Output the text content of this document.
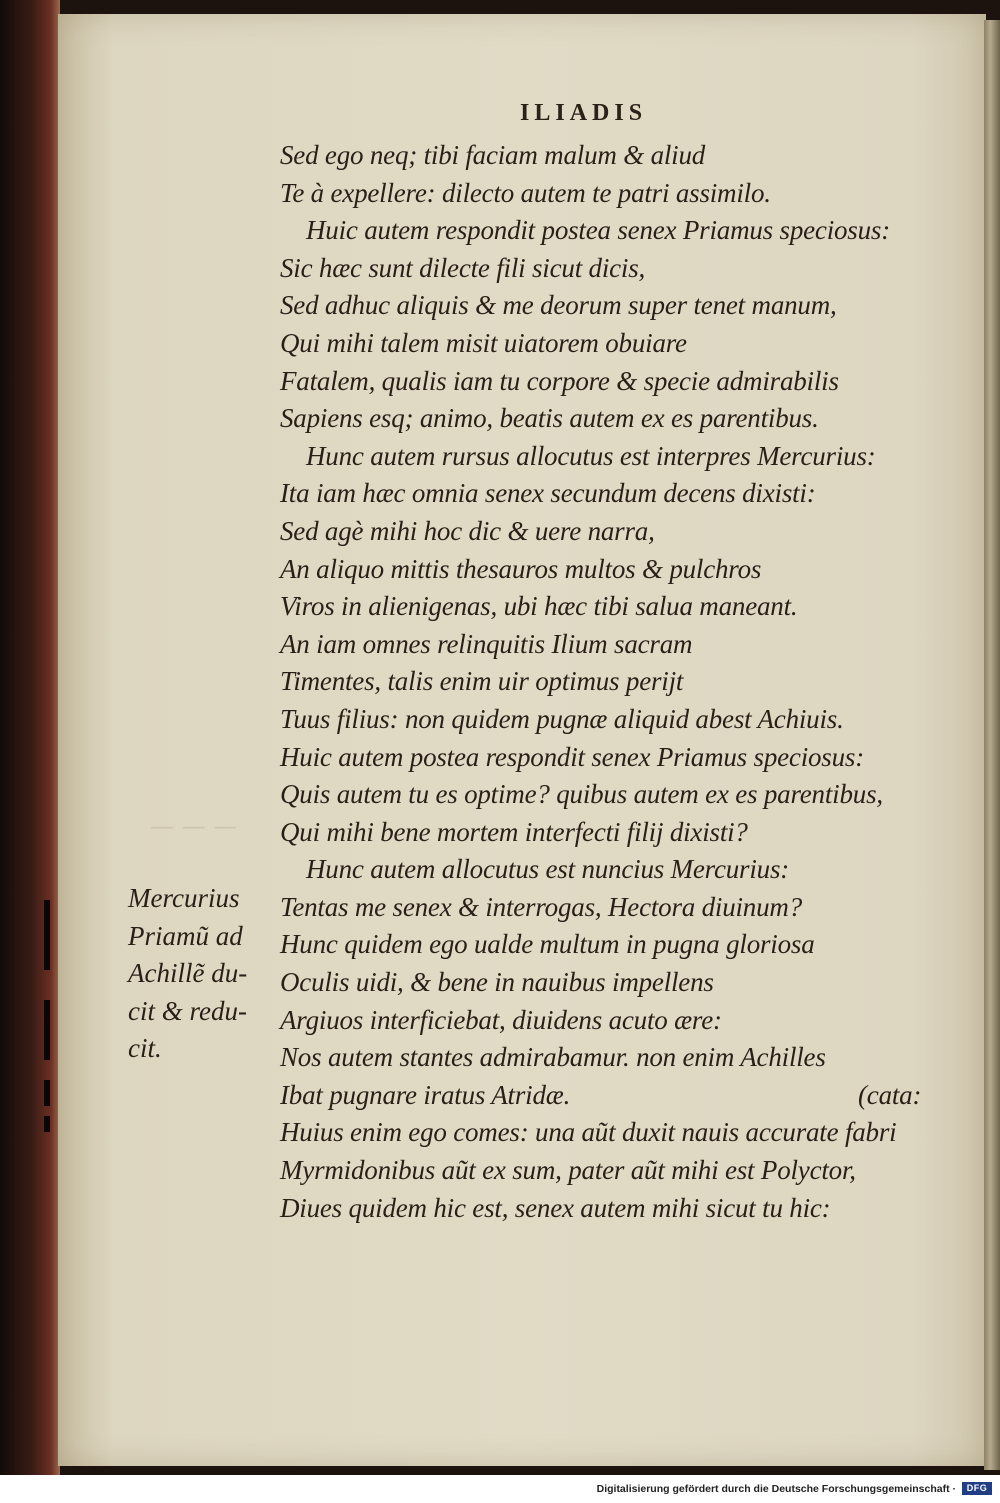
— — —
ILIADIS
Sed ego neq; tibi faciam malum & aliud
Te à expellere: dilecto autem te patri assimilo.
Huic autem respondit postea senex Priamus speciosus:
Sic hæc sunt dilecte fili sicut dicis,
Sed adhuc aliquis & me deorum super tenet manum,
Qui mihi talem misit uiatorem obuiare
Fatalem, qualis iam tu corpore & specie admirabilis
Sapiens esq; animo, beatis autem ex es parentibus.
Hunc autem rursus allocutus est interpres Mercurius:
Ita iam hæc omnia senex secundum decens dixisti:
Sed agè mihi hoc dic & uere narra,
An aliquo mittis thesauros multos & pulchros
Viros in alienigenas, ubi hæc tibi salua maneant.
An iam omnes relinquitis Ilium sacram
Timentes, talis enim uir optimus perijt
Tuus filius: non quidem pugnæ aliquid abest Achiuis.
Huic autem postea respondit senex Priamus speciosus:
Quis autem tu es optime? quibus autem ex es parentibus,
Qui mihi bene mortem interfecti filij dixisti?
Hunc autem allocutus est nuncius Mercurius:
Tentas me senex & interrogas, Hectora diuinum?
Hunc quidem ego ualde multum in pugna gloriosa
Oculis uidi, & bene in nauibus impellens
Argiuos interficiebat, diuidens acuto ære:
Nos autem stantes admirabamur. non enim Achilles
Ibat pugnare iratus Atridæ.	(cata:
Huius enim ego comes: una aũt duxit nauis accurate fabri
Myrmidonibus aũt ex sum, pater aũt mihi est Polyctor,
Diues quidem hic est, senex autem mihi sicut tu hic:
Mercurius
Priamũ ad
Achillẽ du-
cit & redu-
cit.
Digitalisierung gefördert durch die Deutsche Forschungsgemeinschaft ·	DFG
